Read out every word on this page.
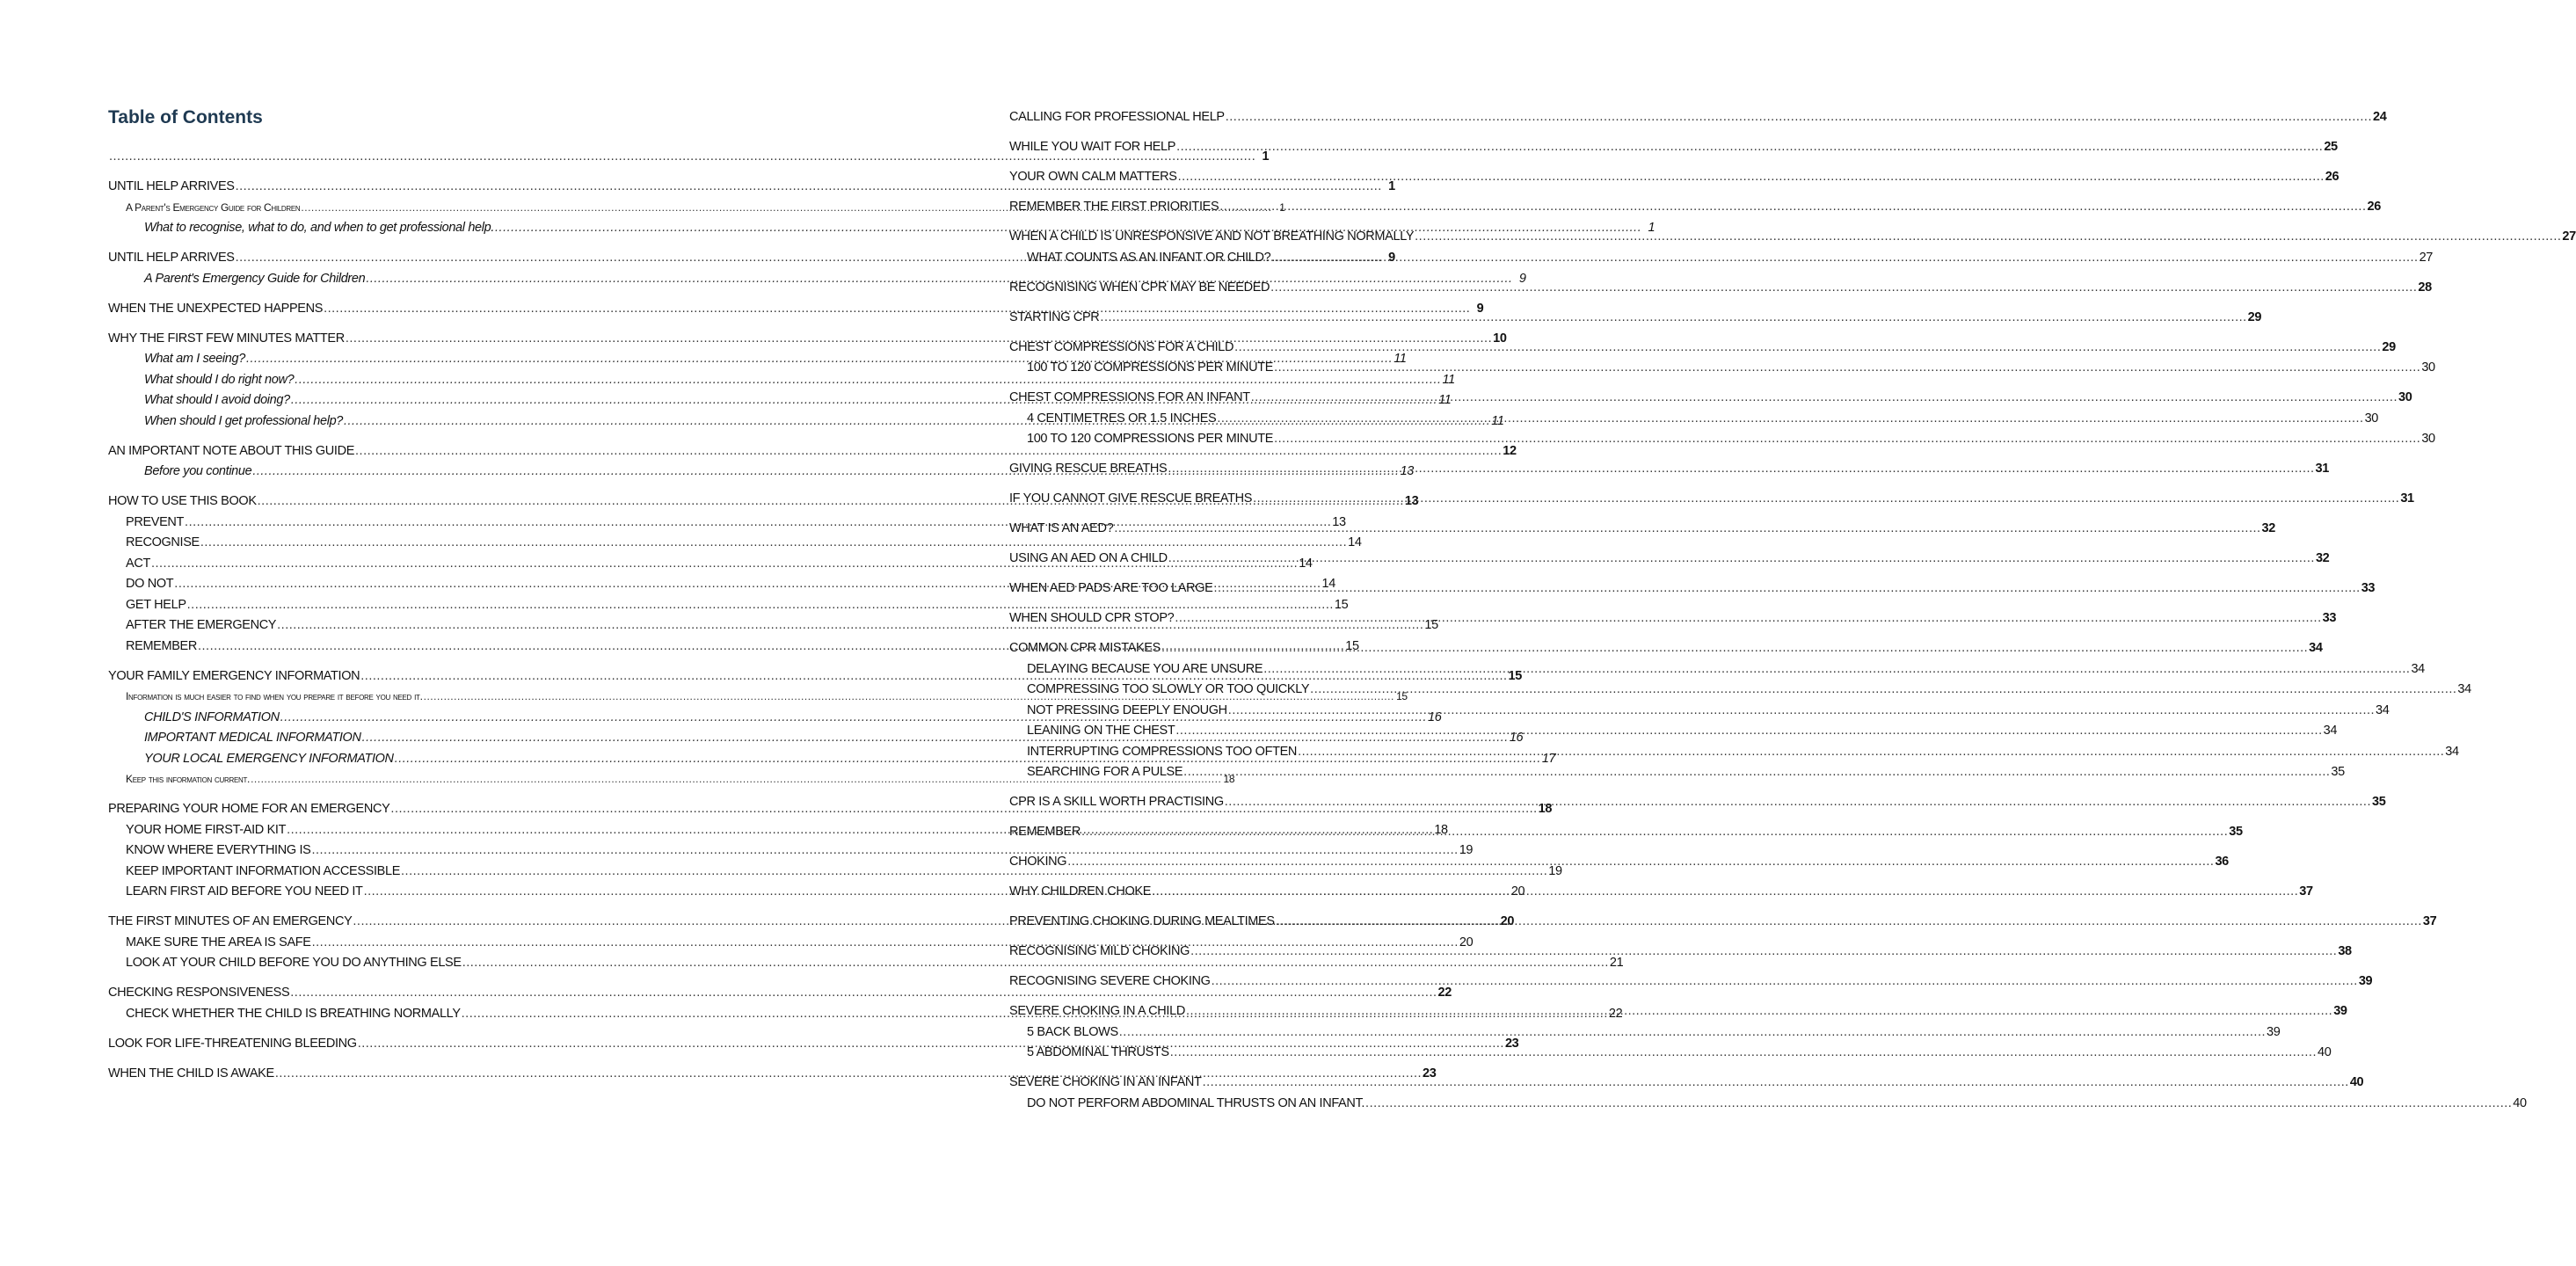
Table of Contents
.....
1
UNTIL HELP ARRIVES .....	1
A Parent's Emergency Guide for Children .....	1
What to recognise, what to do, and when to get professional help. .....	1
UNTIL HELP ARRIVES .....	9
A Parent's Emergency Guide for Children .....	9
WHEN THE UNEXPECTED HAPPENS .....	9
WHY THE FIRST FEW MINUTES MATTER .....	10
What am I seeing? .....	11
What should I do right now? .....	11
What should I avoid doing? .....	11
When should I get professional help? .....	11
AN IMPORTANT NOTE ABOUT THIS GUIDE .....	12
Before you continue .....	13
HOW TO USE THIS BOOK .....	13
PREVENT .....	13
RECOGNISE .....	14
ACT .....	14
DO NOT .....	14
GET HELP .....	15
AFTER THE EMERGENCY .....	15
REMEMBER .....	15
YOUR FAMILY EMERGENCY INFORMATION .....	15
Information is much easier to find when you prepare it before you need it. .....	15
CHILD'S INFORMATION .....	16
IMPORTANT MEDICAL INFORMATION .....	16
YOUR LOCAL EMERGENCY INFORMATION .....	17
Keep this information current. .....	18
PREPARING YOUR HOME FOR AN EMERGENCY .....	18
YOUR HOME FIRST-AID KIT .....	18
KNOW WHERE EVERYTHING IS .....	19
KEEP IMPORTANT INFORMATION ACCESSIBLE .....	19
LEARN FIRST AID BEFORE YOU NEED IT .....	20
THE FIRST MINUTES OF AN EMERGENCY .....	20
MAKE SURE THE AREA IS SAFE .....	20
LOOK AT YOUR CHILD BEFORE YOU DO ANYTHING ELSE .....	21
CHECKING RESPONSIVENESS .....	22
CHECK WHETHER THE CHILD IS BREATHING NORMALLY .....	22
LOOK FOR LIFE-THREATENING BLEEDING .....	23
WHEN THE CHILD IS AWAKE .....	23
CALLING FOR PROFESSIONAL HELP .....	24
WHILE YOU WAIT FOR HELP .....	25
YOUR OWN CALM MATTERS .....	26
REMEMBER THE FIRST PRIORITIES .....	26
WHEN A CHILD IS UNRESPONSIVE AND NOT BREATHING NORMALLY .....	27
WHAT COUNTS AS AN INFANT OR CHILD? .....	27
RECOGNISING WHEN CPR MAY BE NEEDED .....	28
STARTING CPR .....	29
CHEST COMPRESSIONS FOR A CHILD .....	29
100 TO 120 COMPRESSIONS PER MINUTE .....	30
CHEST COMPRESSIONS FOR AN INFANT .....	30
4 CENTIMETRES OR 1.5 INCHES .....	30
100 TO 120 COMPRESSIONS PER MINUTE .....	30
GIVING RESCUE BREATHS .....	31
IF YOU CANNOT GIVE RESCUE BREATHS .....	31
WHAT IS AN AED? .....	32
USING AN AED ON A CHILD .....	32
WHEN AED PADS ARE TOO LARGE .....	33
WHEN SHOULD CPR STOP? .....	33
COMMON CPR MISTAKES .....	34
DELAYING BECAUSE YOU ARE UNSURE .....	34
COMPRESSING TOO SLOWLY OR TOO QUICKLY .....	34
NOT PRESSING DEEPLY ENOUGH .....	34
LEANING ON THE CHEST .....	34
INTERRUPTING COMPRESSIONS TOO OFTEN .....	34
SEARCHING FOR A PULSE .....	35
CPR IS A SKILL WORTH PRACTISING .....	35
REMEMBER .....	35
CHOKING .....	36
WHY CHILDREN CHOKE .....	37
PREVENTING CHOKING DURING MEALTIMES .....	37
RECOGNISING MILD CHOKING .....	38
RECOGNISING SEVERE CHOKING .....	39
SEVERE CHOKING IN A CHILD .....	39
5 BACK BLOWS .....	39
5 ABDOMINAL THRUSTS .....	40
SEVERE CHOKING IN AN INFANT .....	40
DO NOT PERFORM ABDOMINAL THRUSTS ON AN INFANT. .....	40
